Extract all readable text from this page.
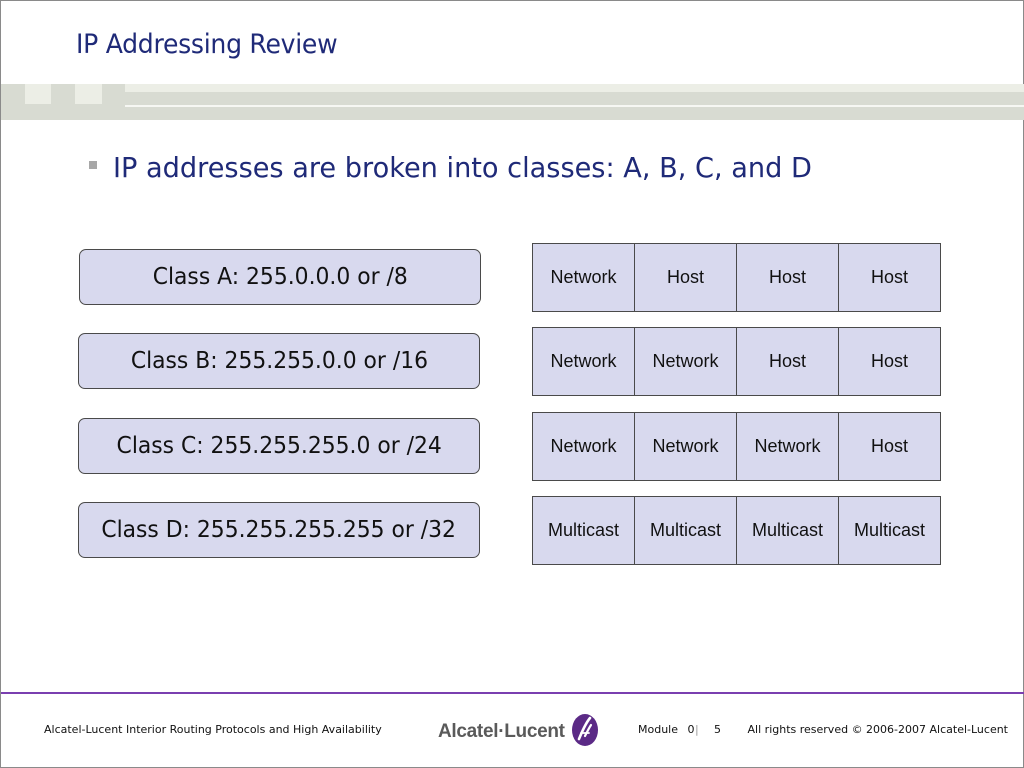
IP Addressing Review
IP addresses are broken into classes: A, B, C, and D
Class A: 255.0.0.0 or /8	Network	Host	Host	Host
Class B: 255.255.0.0 or /16	Network	Network	Host	Host
Class C: 255.255.255.0 or /24	Network	Network	Network	Host
Class D: 255.255.255.255 or /32	Multicast	Multicast	Multicast	Multicast
Alcatel-Lucent Interior Routing Protocols and High Availability	Alcatel·Lucent	Module 0 | 5 All rights reserved © 2006-2007 Alcatel-Lucent
